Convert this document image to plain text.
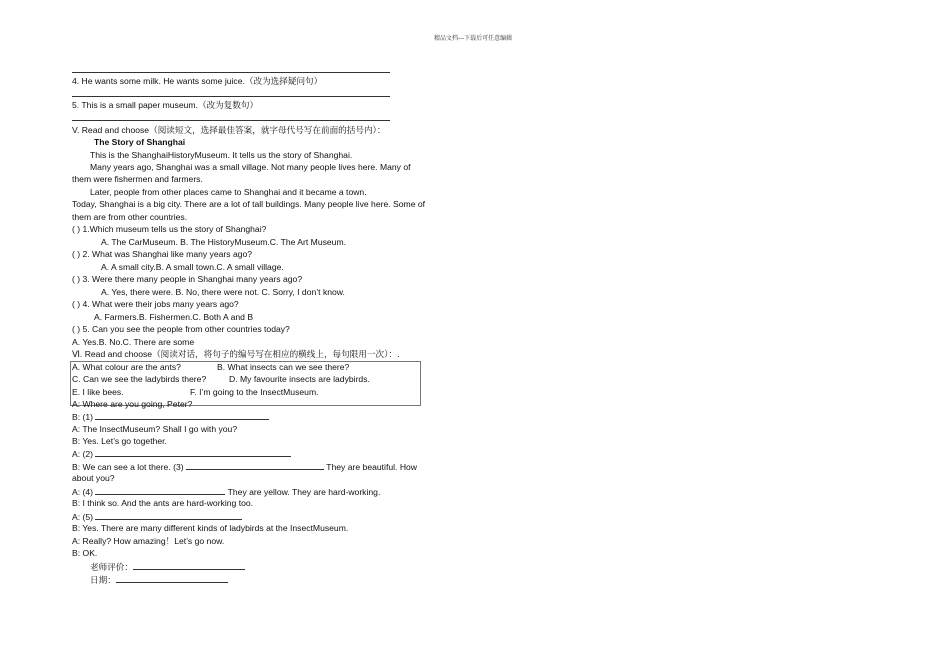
精品文档---下载后可任意编辑
4. He wants some milk. He wants some juice.（改为选择疑问句）
5. This is a small paper museum.（改为复数句）
V. Read and choose（阅读短文，选择最佳答案，就字母代号写在前面的括号内）：
The Story of Shanghai
This is the ShanghaiHistoryMuseum. It tells us the story of Shanghai.
Many years ago, Shanghai was a small village. Not many people lives here. Many of
them were fishermen and farmers.
Later, people from other places came to Shanghai and it became a town.
Today, Shanghai is a big city. There are a lot of tall buildings. Many people live here. Some of
them are from other countries.
( ) 1.Which museum tells us the story of Shanghai?
A. The CarMuseum. B. The HistoryMuseum.C. The Art Museum.
( ) 2. What was Shanghai like many years ago?
A. A small city.B. A small town.C. A small village.
( ) 3. Were there many people in Shanghai many years ago?
A. Yes, there were. B. No, there were not. C. Sorry, I don’t know.
( ) 4. What were their jobs many years ago?
A. Farmers.B. Fishermen.C. Both A and B
( ) 5. Can you see the people from other countries today?
A. Yes.B. No.C. There are some
Ⅵ. Read and choose（阅读对话，将句子的编号写在相应的横线上，每句限用一次）：.
A. What colour are the ants?	B. What insects can we see there?
C. Can we see the ladybirds there?	D. My favourite insects are ladybirds.
E. I like bees.	F. I’m going to the InsectMuseum.
A: Where are you going, Peter?
B: (1)
A: The InsectMuseum? Shall I go with you?
B: Yes. Let’s go together.
A: (2)
B: We can see a lot there. (3)	They are beautiful. How
about you?
A: (4)	They are yellow. They are hard-working.
B: I think so. And the ants are hard-working too.
A: (5)
B: Yes. There are many different kinds of ladybirds at the InsectMuseum.
A: Really? How amazing！Let’s go now.
B: OK.
老师评价：
日期：
